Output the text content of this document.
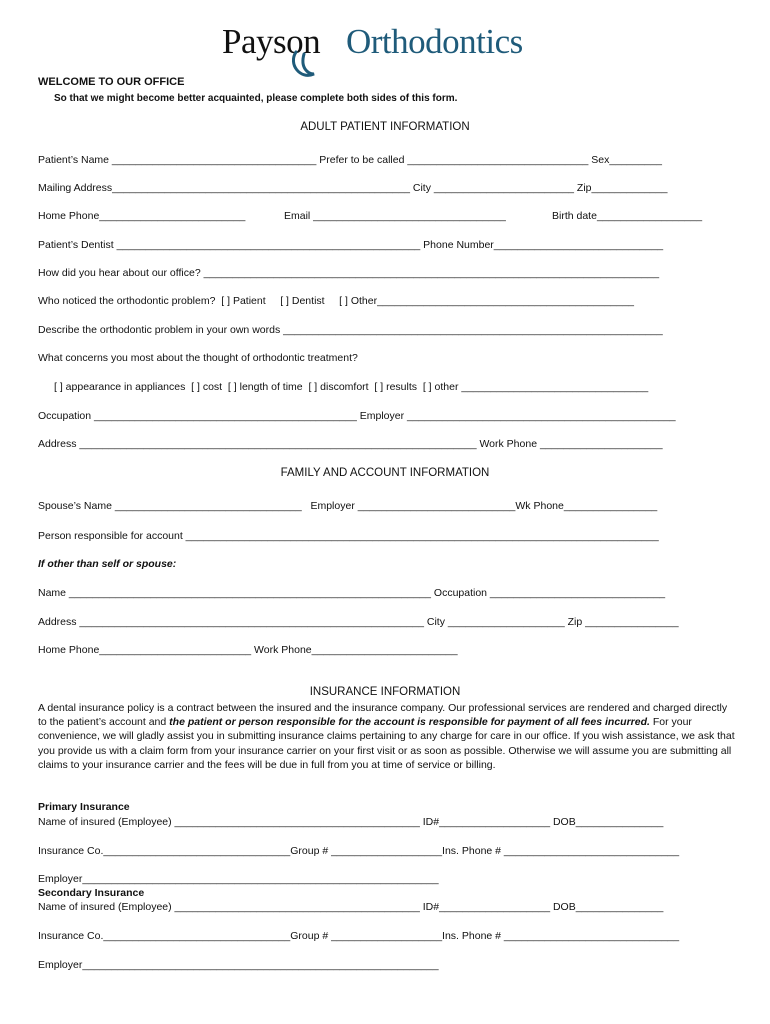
Payson Orthodontics
WELCOME TO OUR OFFICE
So that we might become better acquainted, please complete both sides of this form.
ADULT PATIENT INFORMATION
Patient’s Name ___________________________________ Prefer to be called _______________________________ Sex_________
Mailing Address___________________________________________________ City ________________________ Zip_____________
Home Phone_________________________	Email _________________________________	Birth date__________________
Patient’s Dentist ____________________________________________________ Phone Number_____________________________
How did you hear about our office? ______________________________________________________________________________
Who noticed the orthodontic problem?  [ ] Patient     [ ] Dentist     [ ] Other____________________________________________
Describe the orthodontic problem in your own words _________________________________________________________________
What concerns you most about the thought of orthodontic treatment?
[ ] appearance in appliances  [ ] cost  [ ] length of time  [ ] discomfort  [ ] results  [ ] other ________________________________
Occupation _____________________________________________ Employer ______________________________________________
Address ____________________________________________________________________ Work Phone _____________________
FAMILY AND ACCOUNT INFORMATION
Spouse’s Name ________________________________   Employer ___________________________Wk Phone________________
Person responsible for account _________________________________________________________________________________
If other than self or spouse:
Name ______________________________________________________________ Occupation ______________________________
Address ___________________________________________________________ City ____________________ Zip ________________
Home Phone__________________________ Work Phone_________________________
INSURANCE INFORMATION
A dental insurance policy is a contract between the insured and the insurance company. Our professional services are rendered and charged directly to the patient’s account and the patient or person responsible for the account is responsible for payment of all fees incurred. For your convenience, we will gladly assist you in submitting insurance claims pertaining to any charge for care in our office. If you wish assistance, we ask that you provide us with a claim form from your insurance carrier on your first visit or as soon as possible. Otherwise we will assume you are submitting all claims to your insurance carrier and the fees will be due in full from you at time of service or billing.
Primary Insurance
Name of insured (Employee) __________________________________________ ID#___________________ DOB_______________
Insurance Co.________________________________Group # ___________________Ins. Phone # ______________________________
Employer_____________________________________________________________
Secondary Insurance
Name of insured (Employee) __________________________________________ ID#___________________ DOB_______________
Insurance Co.________________________________Group # ___________________Ins. Phone # ______________________________
Employer_____________________________________________________________
